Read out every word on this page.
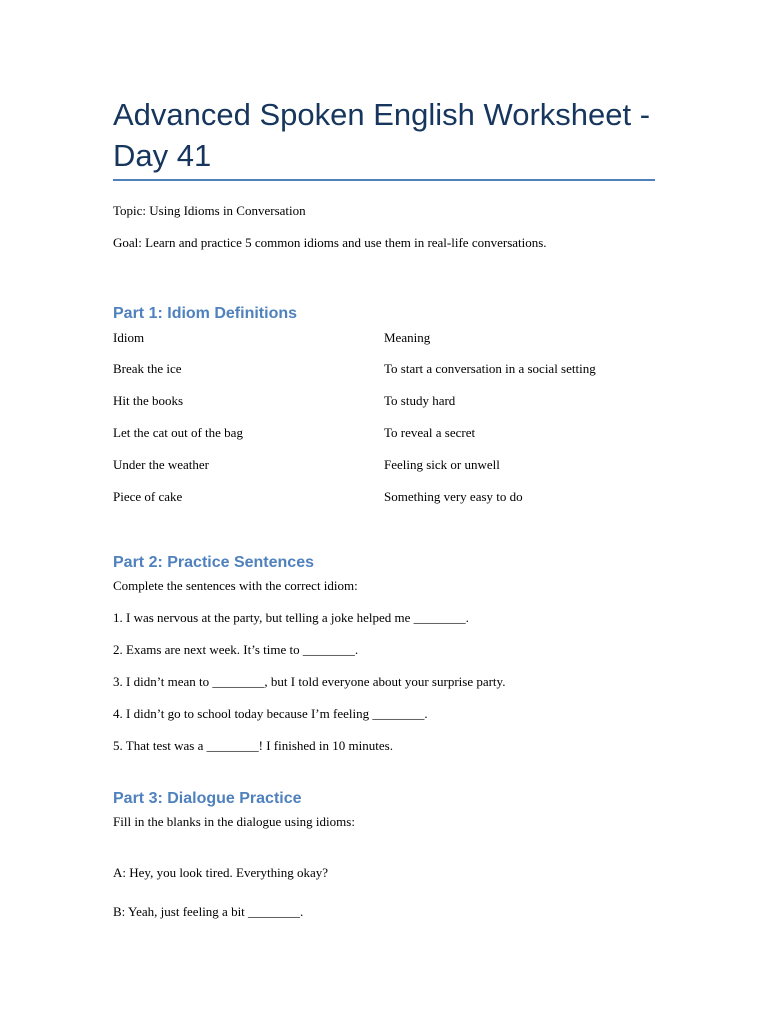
Advanced Spoken English Worksheet - Day 41
Topic: Using Idioms in Conversation
Goal: Learn and practice 5 common idioms and use them in real-life conversations.
Part 1: Idiom Definitions
Idiom	Meaning
Break the ice	To start a conversation in a social setting
Hit the books	To study hard
Let the cat out of the bag	To reveal a secret
Under the weather	Feeling sick or unwell
Piece of cake	Something very easy to do
Part 2: Practice Sentences
Complete the sentences with the correct idiom:
1. I was nervous at the party, but telling a joke helped me ________.
2. Exams are next week. It’s time to ________.
3. I didn’t mean to ________, but I told everyone about your surprise party.
4. I didn’t go to school today because I’m feeling ________.
5. That test was a ________! I finished in 10 minutes.
Part 3: Dialogue Practice
Fill in the blanks in the dialogue using idioms:
A: Hey, you look tired. Everything okay?
B: Yeah, just feeling a bit ________.
